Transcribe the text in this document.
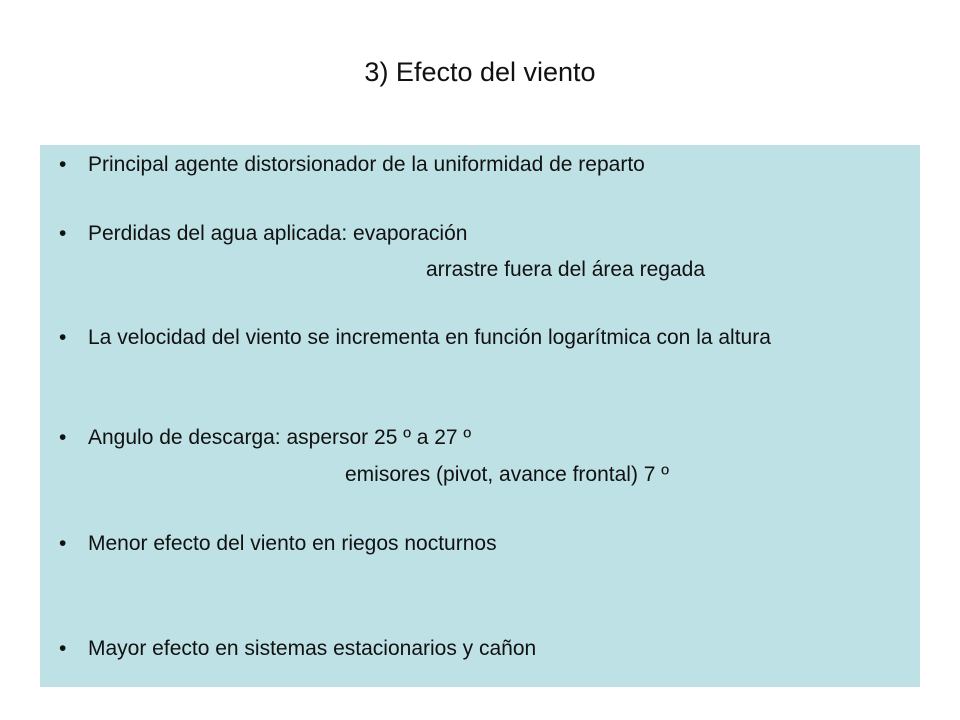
3) Efecto del viento
• Principal agente distorsionador de la uniformidad de reparto
• Perdidas del agua aplicada: evaporación
arrastre fuera del área regada
• La velocidad del viento se incrementa en función logarítmica con la altura
• Angulo de descarga: aspersor 25 º a 27 º
emisores (pivot, avance frontal) 7 º
• Menor efecto del viento en riegos nocturnos
• Mayor efecto en sistemas estacionarios y cañon
